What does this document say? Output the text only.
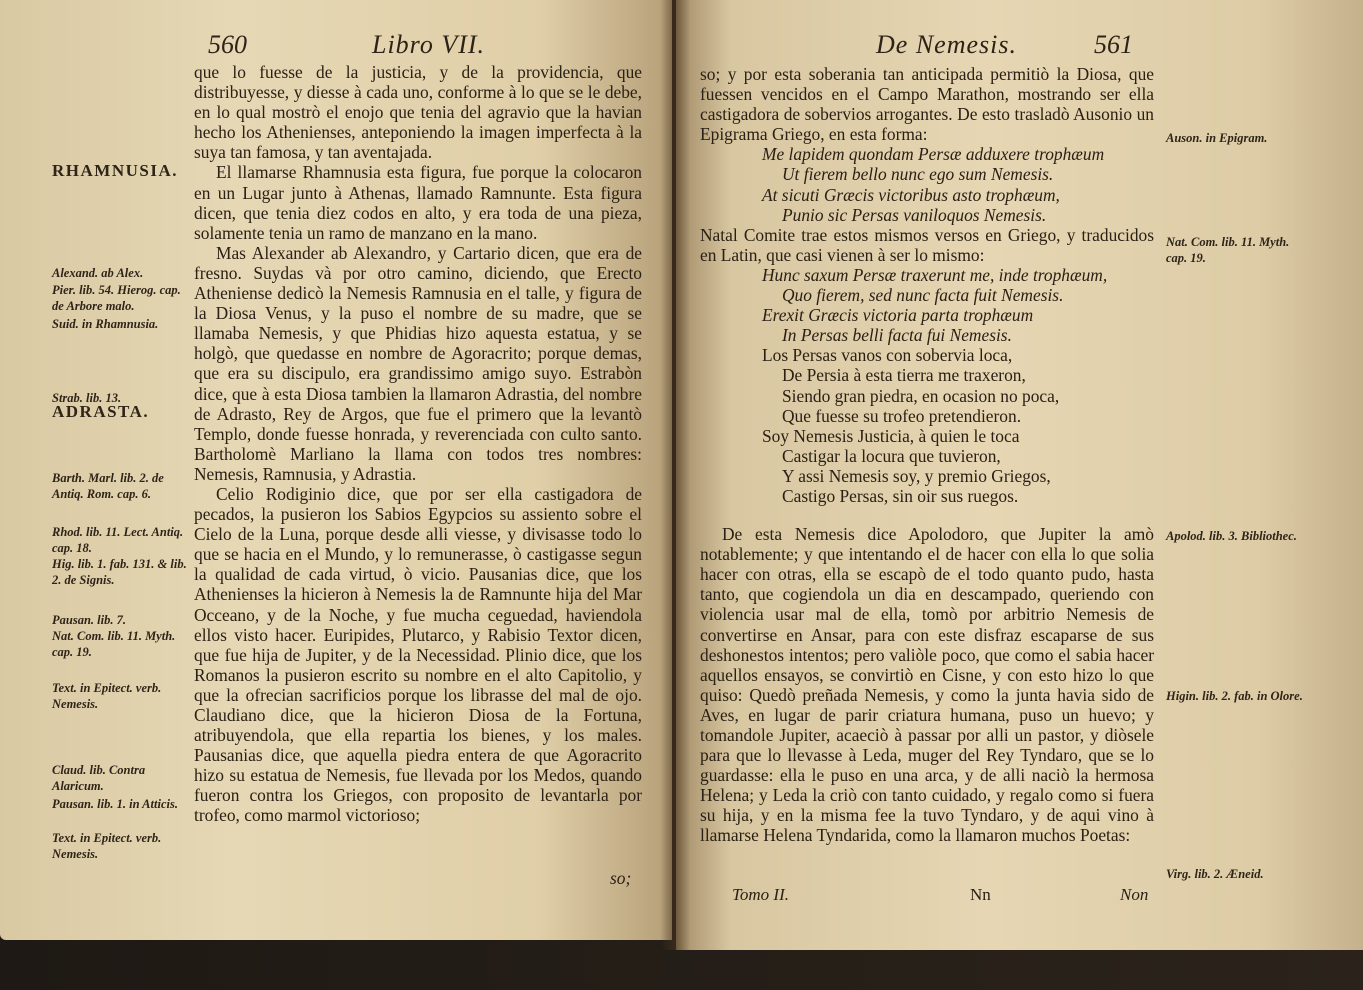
560	Libro VII.

que lo fuesse de la justicia, y de la providencia, que distribuyesse, y diesse à cada uno, conforme à lo que se le debe, en lo qual mostrò el enojo que tenia del agravio que la havian hecho los Athenienses, anteponiendo la imagen imperfecta à la suya tan famosa, y tan aventajada.

El llamarse Rhamnusia esta figura, fue porque la colocaron en un Lugar junto à Athenas, llamado Ramnunte. Esta figura dicen, que tenia diez codos en alto, y era toda de una pieza, solamente tenia un ramo de manzano en la mano.

Mas Alexander ab Alexandro, y Cartario dicen, que era de fresno. Suydas và por otro camino, diciendo, que Erecto Atheniense dedicò la Nemesis Ramnusia en el talle, y figura de la Diosa Venus, y la puso el nombre de su madre, que se llamaba Nemesis, y que Phidias hizo aquesta estatua, y se holgò, que quedasse en nombre de Agoracrito; porque demas, que era su discipulo, era grandissimo amigo suyo. Estrabòn dice, que à esta Diosa tambien la llamaron Adrastia, del nombre de Adrasto, Rey de Argos, que fue el primero que la levantò Templo, donde fuesse honrada, y reverenciada con culto santo. Bartholomè Marliano la llama con todos tres nombres: Nemesis, Ramnusia, y Adrastia.

Celio Rodiginio dice, que por ser ella castigadora de pecados, la pusieron los Sabios Egypcios su assiento sobre el Cielo de la Luna, porque desde alli viesse, y divisasse todo lo que se hacia en el Mundo, y lo remunerasse, ò castigasse segun la qualidad de cada virtud, ò vicio. Pausanias dice, que los Athenienses la hicieron à Nemesis la de Ramnunte hija del Mar Occeano, y de la Noche, y fue mucha ceguedad, haviendola ellos visto hacer. Euripides, Plutarco, y Rabisio Textor dicen, que fue hija de Jupiter, y de la Necessidad. Plinio dice, que los Romanos la pusieron escrito su nombre en el alto Capitolio, y que la ofrecian sacrificios porque los librasse del mal de ojo. Claudiano dice, que la hicieron Diosa de la Fortuna, atribuyendola, que ella repartia los bienes, y los males. Pausanias dice, que aquella piedra entera de que Agoracrito hizo su estatua de Nemesis, fue llevada por los Medos, quando fueron contra los Griegos, con proposito de levantarla por trofeo, como marmol victorioso;

so;
RHAMNUSIA.
Alexand. ab Alex.
Pier. lib. 54. Hierog. cap. de Arbore malo.
Suid. in Rhamnusia.
Strab. lib. 13.
ADRASTA.
Barth. Marl. lib. 2. de Antiq. Rom. cap. 6.
Rhod. lib. 11. Lect. Antiq. cap. 18.
Hig. lib. 1. fab. 131. & lib. 2. de Signis.
Pausan. lib. 7.
Nat. Com. lib. 11. Myth. cap. 19.
Text. in Epitect. verb. Nemesis.
Claud. lib. Contra Alaricum.
Pausan. lib. 1. in Atticis.
Text. in Epitect. verb. Nemesis.
De Nemesis.	561

so; y por esta soberania tan anticipada permitiò la Diosa, que fuessen vencidos en el Campo Marathon, mostrando ser ella castigadora de sobervios arrogantes. De esto trasladò Ausonio un Epigrama Griego, en esta forma:

Me lapidem quondam Persæ adduxere trophæum

Ut fierem bello nunc ego sum Nemesis.

At sicuti Græcis victoribus asto trophæum,

Punio sic Persas vaniloquos Nemesis.

Natal Comite trae estos mismos versos en Griego, y traducidos en Latin, que casi vienen à ser lo mismo:

Hunc saxum Persæ traxerunt me, inde trophæum,

Quo fierem, sed nunc facta fuit Nemesis.

Erexit Græcis victoria parta trophæum

In Persas belli facta fui Nemesis.

Los Persas vanos con sobervia loca,

De Persia à esta tierra me traxeron,

Siendo gran piedra, en ocasion no poca,

Que fuesse su trofeo pretendieron.

Soy Nemesis Justicia, à quien le toca

Castigar la locura que tuvieron,

Y assi Nemesis soy, y premio Griegos,

Castigo Persas, sin oir sus ruegos.

De esta Nemesis dice Apolodoro, que Jupiter la amò notablemente; y que intentando el de hacer con ella lo que solia hacer con otras, ella se escapò de el todo quanto pudo, hasta tanto, que cogiendola un dia en descampado, queriendo con violencia usar mal de ella, tomò por arbitrio Nemesis de convertirse en Ansar, para con este disfraz escaparse de sus deshonestos intentos; pero valiòle poco, que como el sabia hacer aquellos ensayos, se convirtiò en Cisne, y con esto hizo lo que quiso: Quedò preñada Nemesis, y como la junta havia sido de Aves, en lugar de parir criatura humana, puso un huevo; y tomandole Jupiter, acaeciò à passar por alli un pastor, y diòsele para que lo llevasse à Leda, muger del Rey Tyndaro, que se lo guardasse: ella le puso en una arca, y de alli naciò la hermosa Helena; y Leda la criò con tanto cuidado, y regalo como si fuera su hija, y en la misma fee la tuvo Tyndaro, y de aqui vino à llamarse Helena Tyndarida, como la llamaron muchos Poetas:

Tomo II.	Nn	Non
Auson. in Epigram.
Nat. Com. lib. 11. Myth. cap. 19.
Apolod. lib. 3. Bibliothec.
Higin. lib. 2. fab. in Olore.
Virg. lib. 2. Æneid.
